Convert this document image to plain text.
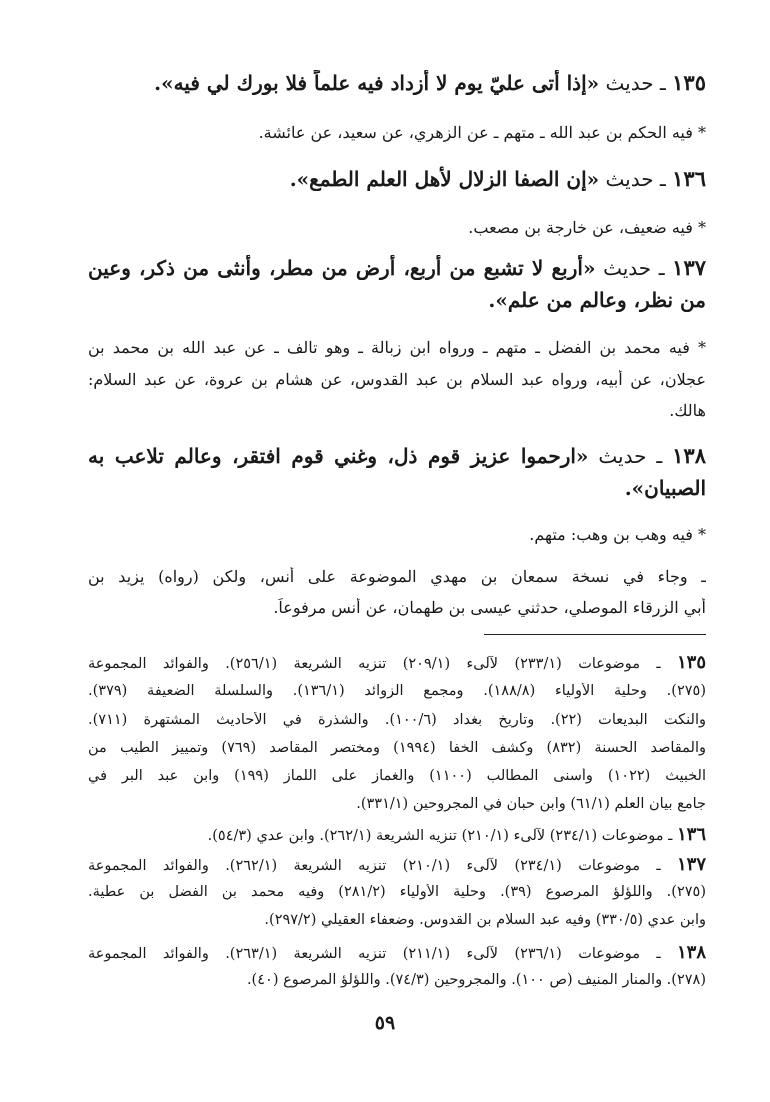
١٣٥ ـ حديث «إذا أتى عليّ يوم لا أزداد فيه علماً فلا بورك لي فيه».
* فيه الحكم بن عبد الله ـ متهم ـ عن الزهري، عن سعيد، عن عائشة.
١٣٦ ـ حديث «إن الصفا الزلال لأهل العلم الطمع».
* فيه ضعيف، عن خارجة بن مصعب.
١٣٧ ـ حديث «أربع لا تشبع من أربع، أرض من مطر، وأنثى من ذكر، وعين
من نظر، وعالم من علم».
* فيه محمد بن الفضل ـ متهم ـ ورواه ابن زبالة ـ وهو تالف ـ عن عبد الله بن محمد بن
عجلان، عن أبيه، ورواه عبد السلام بن عبد القدوس، عن هشام بن عروة، عن عبد السلام:
هالك.
١٣٨ ـ حديث «ارحموا عزيز قوم ذل، وغني قوم افتقر، وعالم تلاعب به
الصبيان».
* فيه وهب بن وهب: متهم.
ـ وجاء في نسخة سمعان بن مهدي الموضوعة على أنس، ولكن (رواه) يزيد بن
أبي الزرقاء الموصلي، حدثني عيسى بن طهمان، عن أنس مرفوعاً.
١٣٥ ـ موضوعات (٢٣٣/١) لآلىء (٢٠٩/١) تنزيه الشريعة (٢٥٦/١). والفوائد المجموعة
(٢٧٥). وحلية الأولياء (١٨٨/٨). ومجمع الزوائد (١٣٦/١). والسلسلة الضعيفة (٣٧٩).
والنكت البديعات (٢٢). وتاريخ بغداد (١٠٠/٦). والشذرة في الأحاديث المشتهرة (٧١١).
والمقاصد الحسنة (٨٣٢) وكشف الخفا (١٩٩٤) ومختصر المقاصد (٧٦٩) وتمييز الطيب من
الخبيث (١٠٢٢) وأسنى المطالب (١١٠٠) والغماز على اللماز (١٩٩) وابن عبد البر في
جامع بيان العلم (٦١/١) وابن حبان في المجروحين (٣٣١/١).
١٣٦ ـ موضوعات (٢٣٤/١) لآلىء (٢١٠/١) تنزيه الشريعة (٢٦٢/١). وابن عدي (٥٤/٣).
١٣٧ ـ موضوعات (٢٣٤/١) لآلىء (٢١٠/١) تنزيه الشريعة (٢٦٢/١). والفوائد المجموعة
(٢٧٥). واللؤلؤ المرصوع (٣٩). وحلية الأولياء (٢٨١/٢) وفيه محمد بن الفضل بن عطية.
وابن عدي (٣٣٠/٥) وفيه عبد السلام بن القدوس. وضعفاء العقيلي (٢٩٧/٢).
١٣٨ ـ موضوعات (٢٣٦/١) لآلىء (٢١١/١) تنزيه الشريعة (٢٦٣/١). والفوائد المجموعة
(٢٧٨). والمنار المنيف (ص ١٠٠). والمجروحين (٧٤/٣). واللؤلؤ المرصوع (٤٠).
٥٩
